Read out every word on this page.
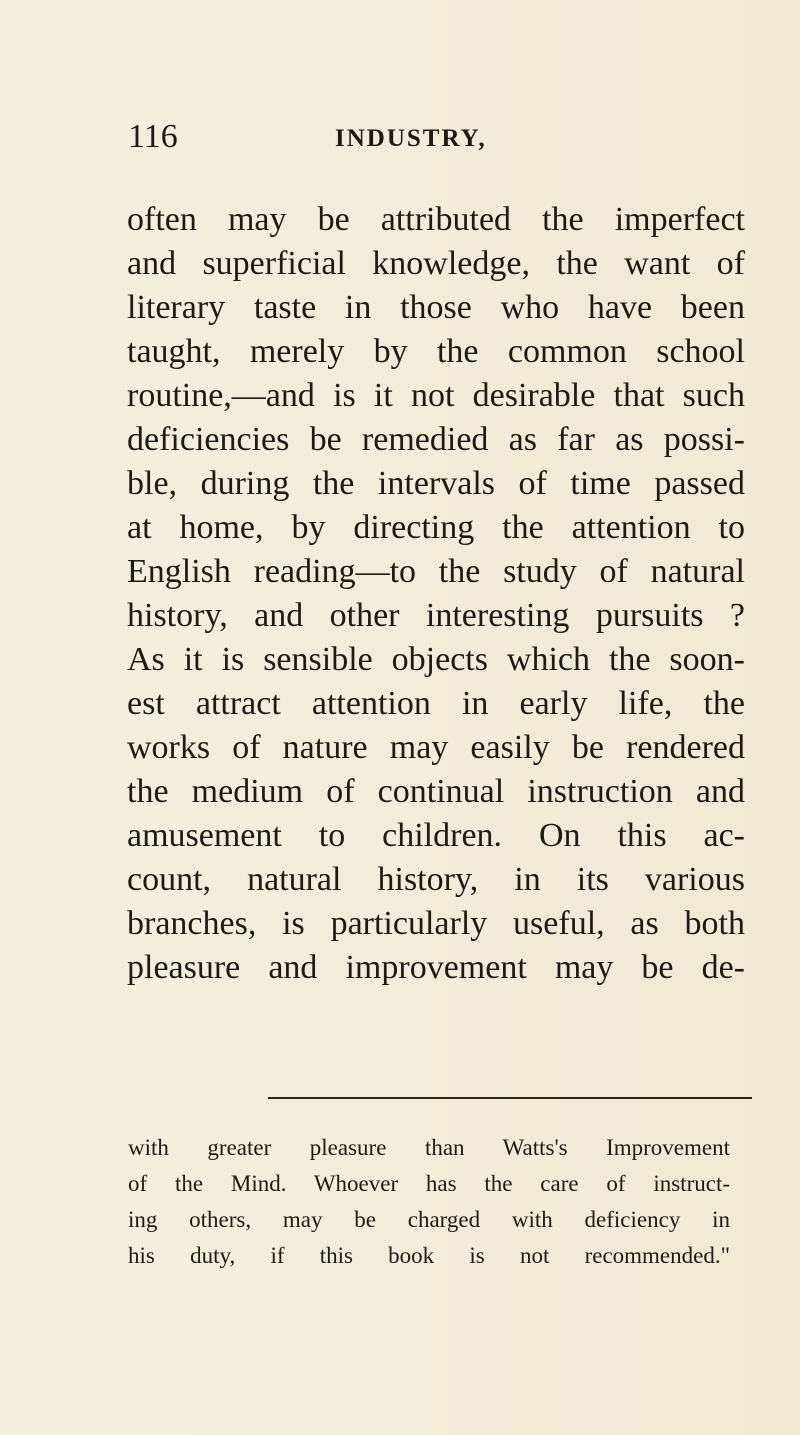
116	INDUSTRY,
often may be attributed the imperfect
and superficial knowledge, the want of
literary taste in those who have been
taught, merely by the common school
routine,—and is it not desirable that such
deficiencies be remedied as far as possi-
ble, during the intervals of time passed
at home, by directing the attention to
English reading—to the study of natural
history, and other interesting pursuits ?
As it is sensible objects which the soon-
est attract attention in early life, the
works of nature may easily be rendered
the medium of continual instruction and
amusement to children. On this ac-
count, natural history, in its various
branches, is particularly useful, as both
pleasure and improvement may be de-
with greater pleasure than Watts's Improvement
of the Mind. Whoever has the care of instruct-
ing others, may be charged with deficiency in
his duty, if this book is not recommended."
